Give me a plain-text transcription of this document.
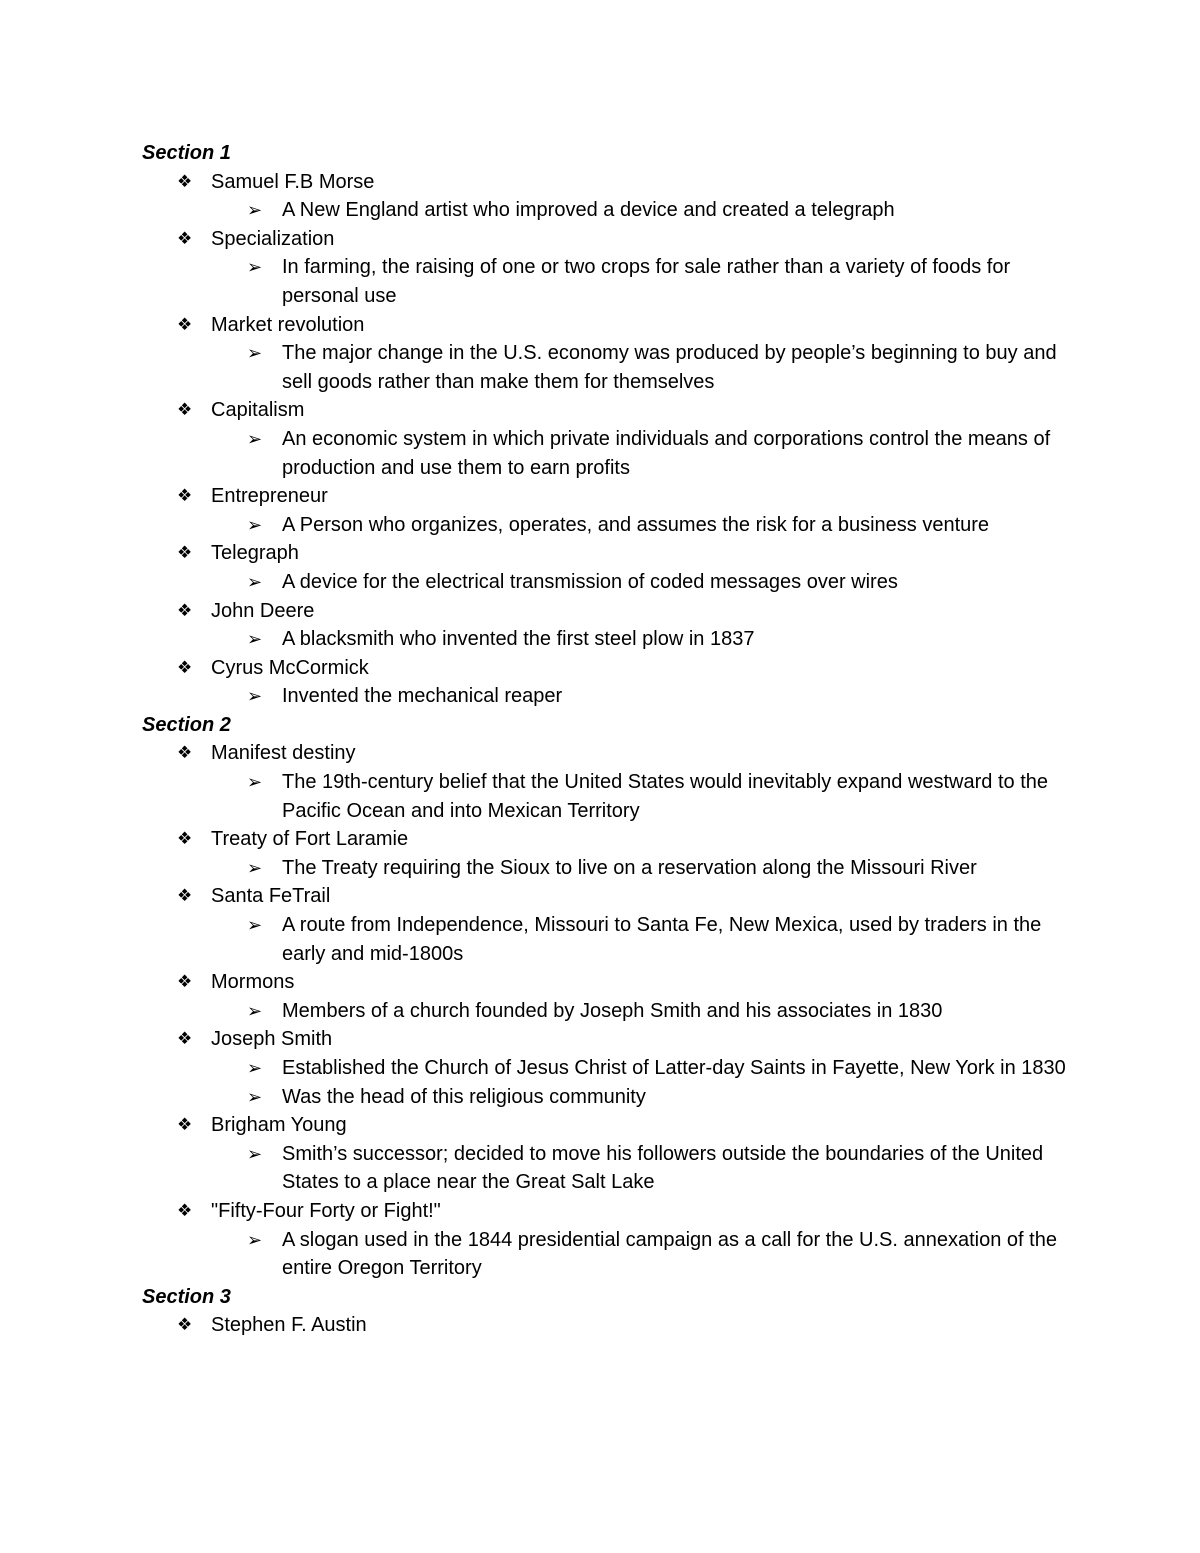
Section 1
❖ Samuel F.B Morse
➢ A New England artist who improved a device and created a telegraph
❖ Specialization
➢ In farming, the raising of one or two crops for sale rather than a variety of foods for personal use
❖ Market revolution
➢ The major change in the U.S. economy was produced by people’s beginning to buy and sell goods rather than make them for themselves
❖ Capitalism
➢ An economic system in which private individuals and corporations control the means of production and use them to earn profits
❖ Entrepreneur
➢ A Person who organizes, operates, and assumes the risk for a business venture
❖ Telegraph
➢ A device for the electrical transmission of coded messages over wires
❖ John Deere
➢ A blacksmith who invented the first steel plow in 1837
❖ Cyrus McCormick
➢ Invented the mechanical reaper
Section 2
❖ Manifest destiny
➢ The 19th-century belief that the United States would inevitably expand westward to the Pacific Ocean and into Mexican Territory
❖ Treaty of Fort Laramie
➢ The Treaty requiring the Sioux to live on a reservation along the Missouri River
❖ Santa FeTrail
➢ A route from Independence, Missouri to Santa Fe, New Mexica, used by traders in the early and mid-1800s
❖ Mormons
➢ Members of a church founded by Joseph Smith and his associates in 1830
❖ Joseph Smith
➢ Established the Church of Jesus Christ of Latter-day Saints in Fayette, New York in 1830
➢ Was the head of this religious community
❖ Brigham Young
➢ Smith’s successor; decided to move his followers outside the boundaries of the United States to a place near the Great Salt Lake
❖ "Fifty-Four Forty or Fight!"
➢ A slogan used in the 1844 presidential campaign as a call for the U.S. annexation of the entire Oregon Territory
Section 3
❖ Stephen F. Austin
